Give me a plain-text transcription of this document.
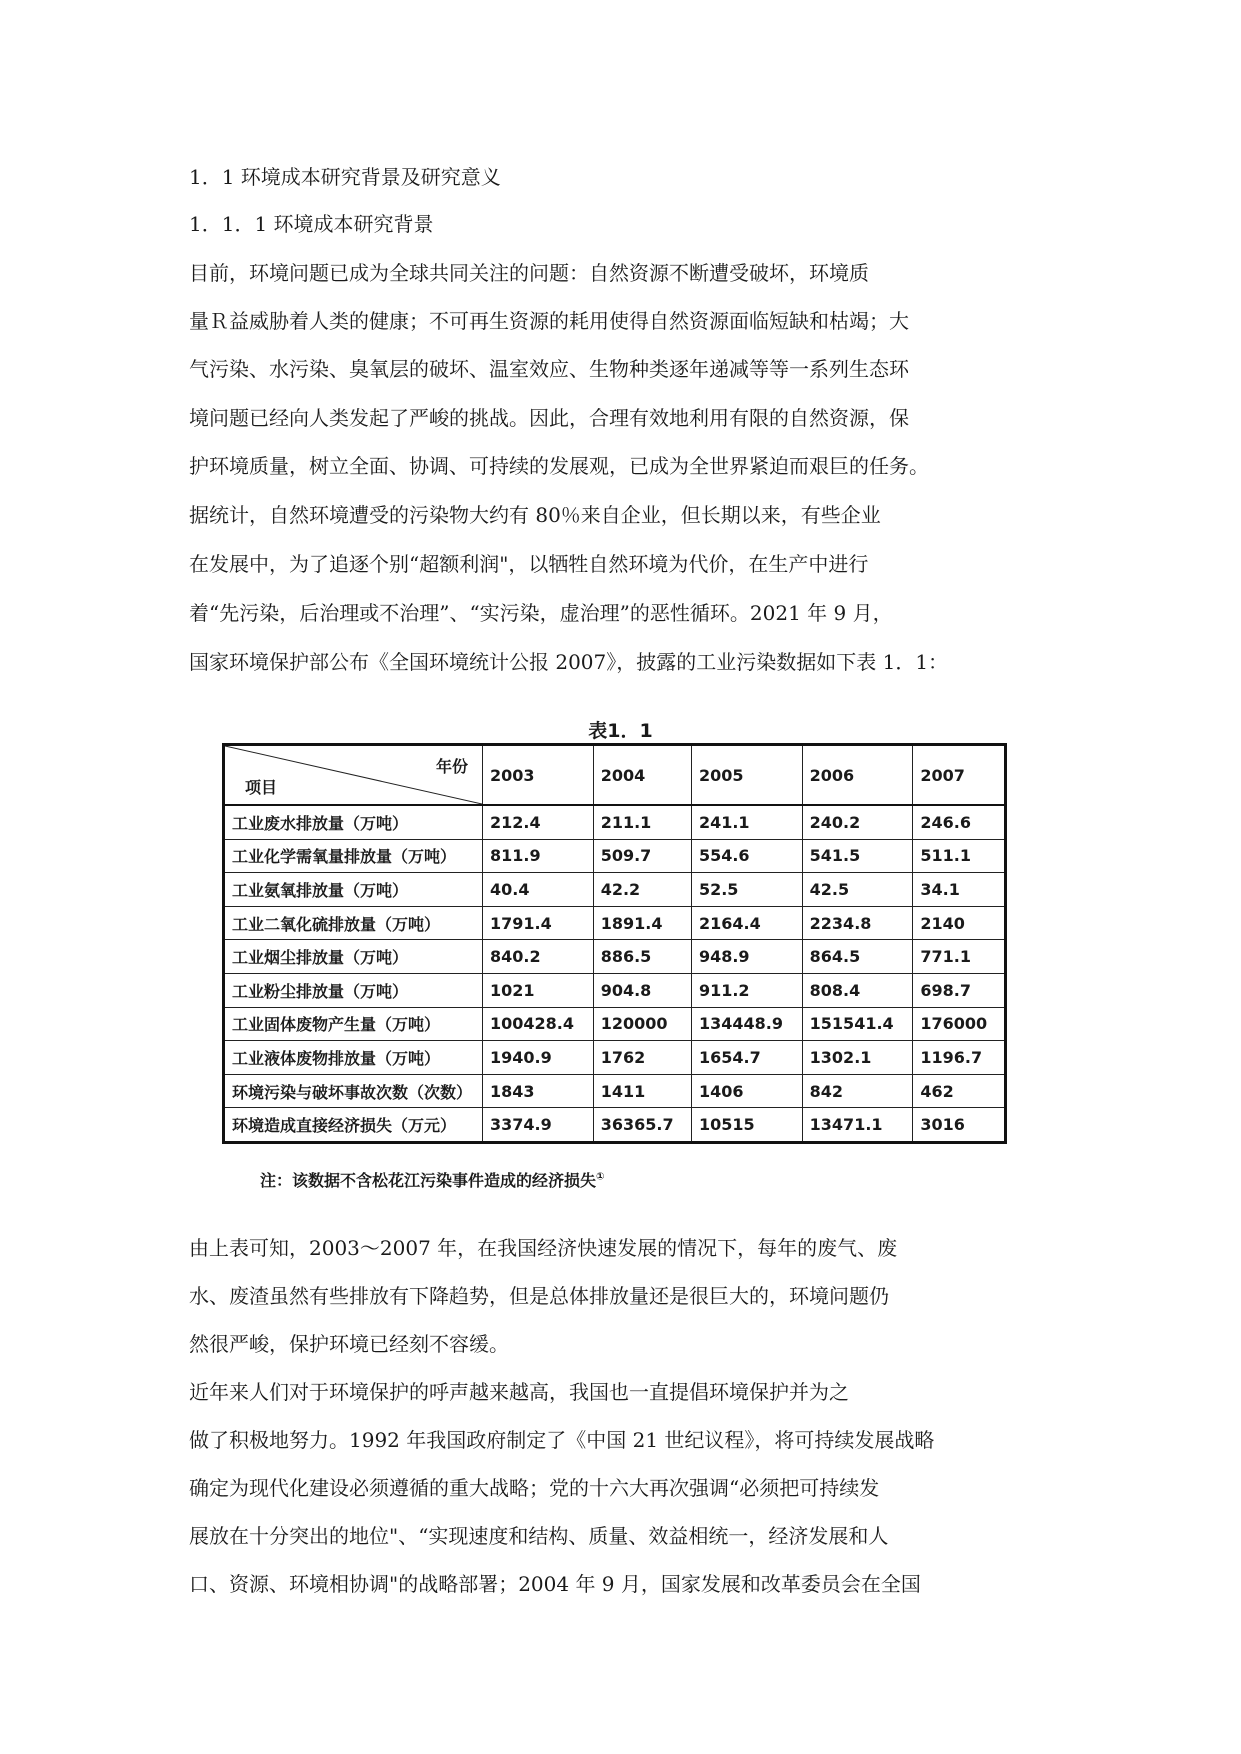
1．1 环境成本研究背景及研究意义
1．1．1 环境成本研究背景
目前，环境问题已成为全球共同关注的问题：自然资源不断遭受破坏，环境质
量Ｒ益威胁着人类的健康；不可再生资源的耗用使得自然资源面临短缺和枯竭；大
气污染、水污染、臭氧层的破坏、温室效应、生物种类逐年递减等等一系列生态环
境问题已经向人类发起了严峻的挑战。因此，合理有效地利用有限的自然资源，保
护环境质量，树立全面、协调、可持续的发展观，已成为全世界紧迫而艰巨的任务。
据统计，自然环境遭受的污染物大约有 80％来自企业，但长期以来，有些企业
在发展中，为了追逐个别“超额利润"，以牺牲自然环境为代价，在生产中进行
着“先污染，后治理或不治理”、“实污染，虚治理”的恶性循环。2021 年 9 月，
国家环境保护部公布《全国环境统计公报 2007》，披露的工业污染数据如下表 1．1：
表1．1
年份
项目	2003	2004	2005	2006	2007
工业废水排放量（万吨）	212.4	211.1	241.1	240.2	246.6
工业化学需氧量排放量（万吨）	811.9	509.7	554.6	541.5	511.1
工业氨氧排放量（万吨）	40.4	42.2	52.5	42.5	34.1
工业二氧化硫排放量（万吨）	1791.4	1891.4	2164.4	2234.8	2140
工业烟尘排放量（万吨）	840.2	886.5	948.9	864.5	771.1
工业粉尘排放量（万吨）	1021	904.8	911.2	808.4	698.7
工业固体废物产生量（万吨）	100428.4	120000	134448.9	151541.4	176000
工业液体废物排放量（万吨）	1940.9	1762	1654.7	1302.1	1196.7
环境污染与破坏事故次数（次数）	1843	1411	1406	842	462
环境造成直接经济损失（万元）	3374.9	36365.7	10515	13471.1	3016
注：该数据不含松花江污染事件造成的经济损失①
由上表可知，2003～2007 年，在我国经济快速发展的情况下，每年的废气、废
水、废渣虽然有些排放有下降趋势，但是总体排放量还是很巨大的，环境问题仍
然很严峻，保护环境已经刻不容缓。
近年来人们对于环境保护的呼声越来越高，我国也一直提倡环境保护并为之
做了积极地努力。1992 年我国政府制定了《中国 21 世纪议程》，将可持续发展战略
确定为现代化建设必须遵循的重大战略；党的十六大再次强调“必须把可持续发
展放在十分突出的地位"、“实现速度和结构、质量、效益相统一，经济发展和人
口、资源、环境相协调"的战略部署；2004 年 9 月，国家发展和改革委员会在全国
